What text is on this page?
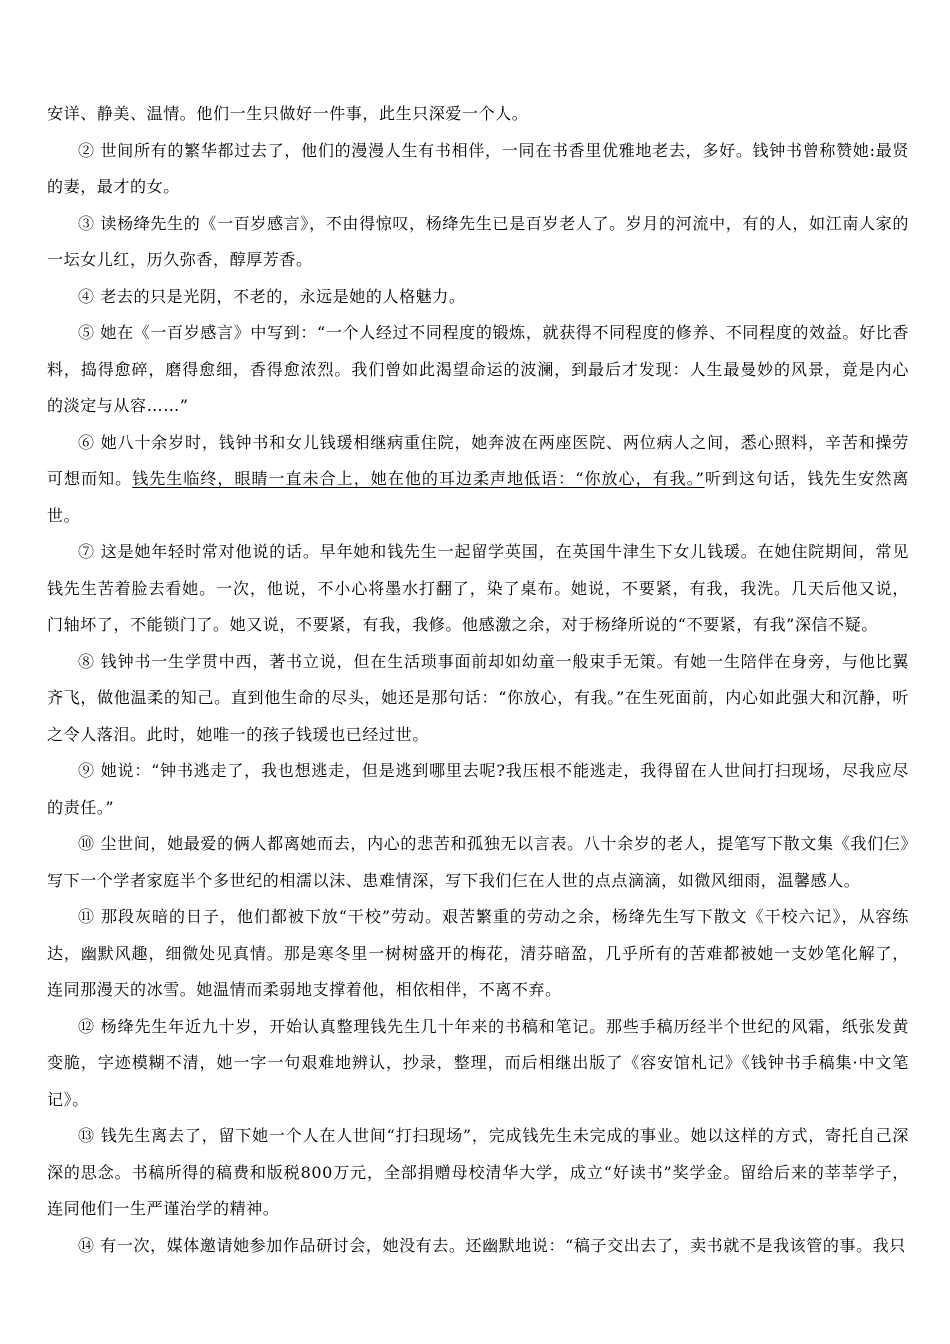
安详、静美、温情。他们一生只做好一件事，此生只深爱一个人。

② 世间所有的繁华都过去了，他们的漫漫人生有书相伴，一同在书香里优雅地老去，多好。钱钟书曾称赞她:最贤的妻，最才的女。

③ 读杨绛先生的《一百岁感言》，不由得惊叹，杨绛先生已是百岁老人了。岁月的河流中，有的人，如江南人家的一坛女儿红，历久弥香，醇厚芳香。

④ 老去的只是光阴，不老的，永远是她的人格魅力。

⑤ 她在《一百岁感言》中写到：“一个人经过不同程度的锻炼，就获得不同程度的修养、不同程度的效益。好比香料，捣得愈碎，磨得愈细，香得愈浓烈。我们曾如此渴望命运的波澜，到最后才发现：人生最曼妙的风景，竟是内心的淡定与从容……”

⑥ 她八十余岁时，钱钟书和女儿钱瑗相继病重住院，她奔波在两座医院、两位病人之间，悉心照料，辛苦和操劳可想而知。钱先生临终，眼睛一直未合上，她在他的耳边柔声地低语：“你放心，有我。”听到这句话，钱先生安然离世。

⑦ 这是她年轻时常对他说的话。早年她和钱先生一起留学英国，在英国牛津生下女儿钱瑗。在她住院期间，常见钱先生苦着脸去看她。一次，他说，不小心将墨水打翻了，染了桌布。她说，不要紧，有我，我洗。几天后他又说，门轴坏了，不能锁门了。她又说，不要紧，有我，我修。他感激之余，对于杨绛所说的“不要紧，有我”深信不疑。

⑧ 钱钟书一生学贯中西，著书立说，但在生活琐事面前却如幼童一般束手无策。有她一生陪伴在身旁，与他比翼齐飞，做他温柔的知己。直到他生命的尽头，她还是那句话：“你放心，有我。”在生死面前，内心如此强大和沉静，听之令人落泪。此时，她唯一的孩子钱瑗也已经过世。

⑨ 她说：“钟书逃走了，我也想逃走，但是逃到哪里去呢?我压根不能逃走，我得留在人世间打扫现场，尽我应尽的责任。”

⑩ 尘世间，她最爱的俩人都离她而去，内心的悲苦和孤独无以言表。八十余岁的老人，提笔写下散文集《我们仨》写下一个学者家庭半个多世纪的相濡以沫、患难情深，写下我们仨在人世的点点滴滴，如微风细雨，温馨感人。

⑪ 那段灰暗的日子，他们都被下放“干校”劳动。艰苦繁重的劳动之余，杨绛先生写下散文《干校六记》，从容练达，幽默风趣，细微处见真情。那是寒冬里一树树盛开的梅花，清芬暗盈，几乎所有的苦难都被她一支妙笔化解了，连同那漫天的冰雪。她温情而柔弱地支撑着他，相依相伴，不离不弃。

⑫ 杨绛先生年近九十岁，开始认真整理钱先生几十年来的书稿和笔记。那些手稿历经半个世纪的风霜，纸张发黄变脆，字迹模糊不清，她一字一句艰难地辨认，抄录，整理，而后相继出版了《容安馆札记》《钱钟书手稿集·中文笔记》。

⑬ 钱先生离去了，留下她一个人在人世间“打扫现场”，完成钱先生未完成的事业。她以这样的方式，寄托自己深深的思念。书稿所得的稿费和版税800万元，全部捐赠母校清华大学，成立“好读书”奖学金。留给后来的莘莘学子，连同他们一生严谨治学的精神。

⑭ 有一次，媒体邀请她参加作品研讨会，她没有去。还幽默地说：“稿子交出去了，卖书就不是我该管的事。我只
